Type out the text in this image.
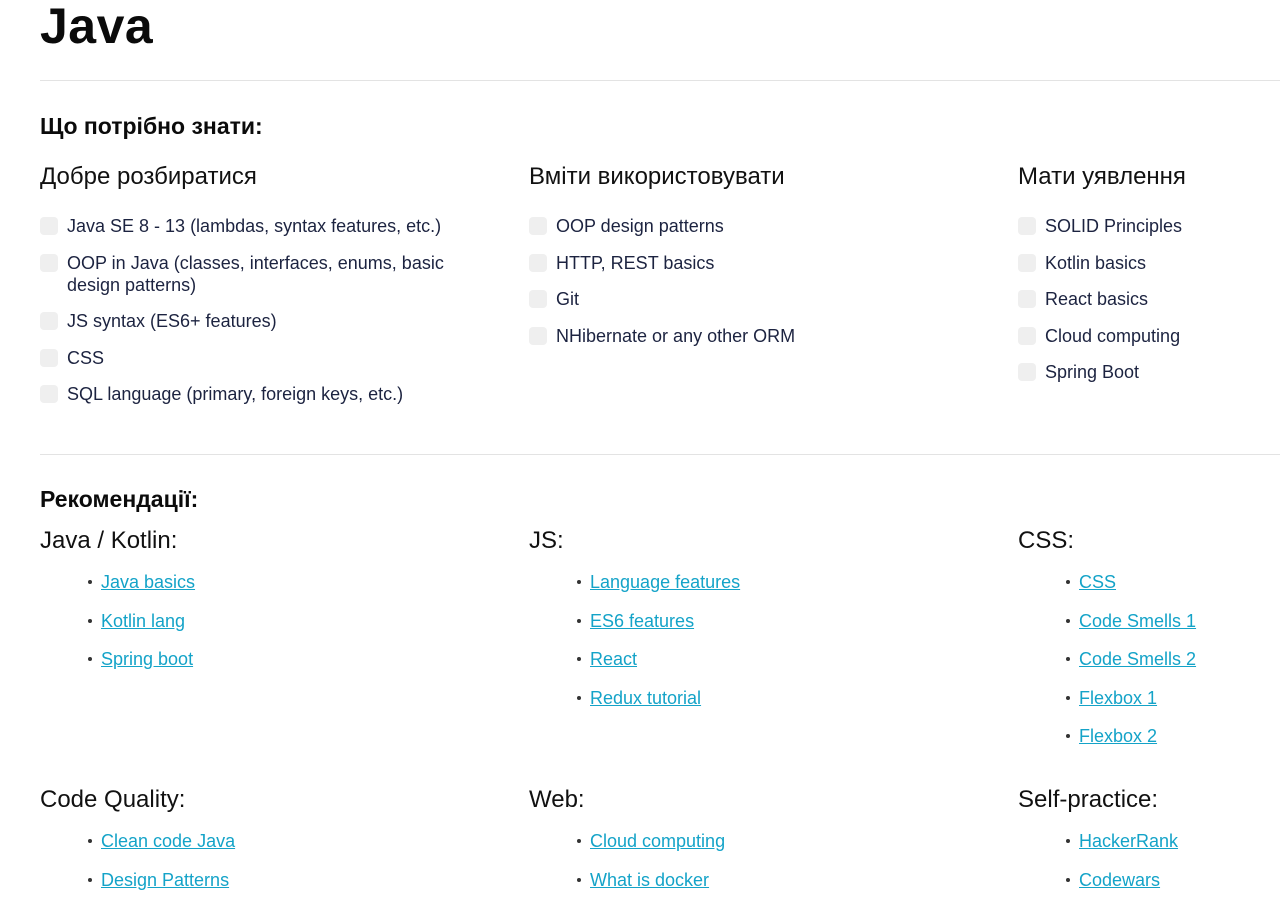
Java
Що потрібно знати:
Добре розбиратися
Java SE 8 - 13 (lambdas, syntax features, etc.)
OOP in Java (classes, interfaces, enums, basic design patterns)
JS syntax (ES6+ features)
CSS
SQL language (primary, foreign keys, etc.)
Вміти використовувати
OOP design patterns
HTTP, REST basics
Git
NHibernate or any other ORM
Мати уявлення
SOLID Principles
Kotlin basics
React basics
Cloud computing
Spring Boot
Рекомендації:
Java / Kotlin:
Java basics
Kotlin lang
Spring boot
JS:
Language features
ES6 features
React
Redux tutorial
CSS:
CSS
Code Smells 1
Code Smells 2
Flexbox 1
Flexbox 2
Code Quality:
Clean code Java
Design Patterns
Web:
Cloud computing
What is docker
Self-practice:
HackerRank
Codewars
